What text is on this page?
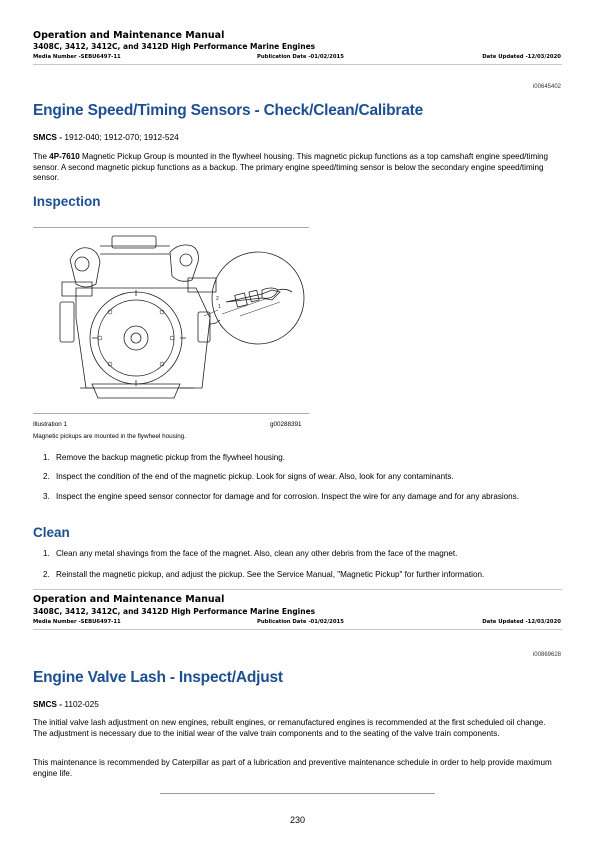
Operation and Maintenance Manual
3408C, 3412, 3412C, and 3412D High Performance Marine Engines
Media Number -SEBU6497-11	Publication Date -01/02/2015	Date Updated -12/03/2020
i00645402
Engine Speed/Timing Sensors - Check/Clean/Calibrate
SMCS - 1912-040; 1912-070; 1912-524
The 4P-7610 Magnetic Pickup Group is mounted in the flywheel housing. This magnetic pickup functions as a top camshaft engine speed/timing sensor. A second magnetic pickup functions as a backup. The primary engine speed/timing sensor is below the secondary engine speed/timing sensor.
Inspection
1
2
Illustration 1	g00288391
Magnetic pickups are mounted in the flywheel housing.
1. Remove the backup magnetic pickup from the flywheel housing.
2. Inspect the condition of the end of the magnetic pickup. Look for signs of wear. Also, look for any contaminants.
3. Inspect the engine speed sensor connector for damage and for corrosion. Inspect the wire for any damage and for any abrasions.
Clean
1. Clean any metal shavings from the face of the magnet. Also, clean any other debris from the face of the magnet.
2. Reinstall the magnetic pickup, and adjust the pickup. See the Service Manual, "Magnetic Pickup" for further information.
Operation and Maintenance Manual
3408C, 3412, 3412C, and 3412D High Performance Marine Engines
Media Number -SEBU6497-11	Publication Date -01/02/2015	Date Updated -12/03/2020
i00869628
Engine Valve Lash - Inspect/Adjust
SMCS - 1102-025
The initial valve lash adjustment on new engines, rebuilt engines, or remanufactured engines is recommended at the first scheduled oil change. The adjustment is necessary due to the initial wear of the valve train components and to the seating of the valve train components.
This maintenance is recommended by Caterpillar as part of a lubrication and preventive maintenance schedule in order to help provide maximum engine life.
230
